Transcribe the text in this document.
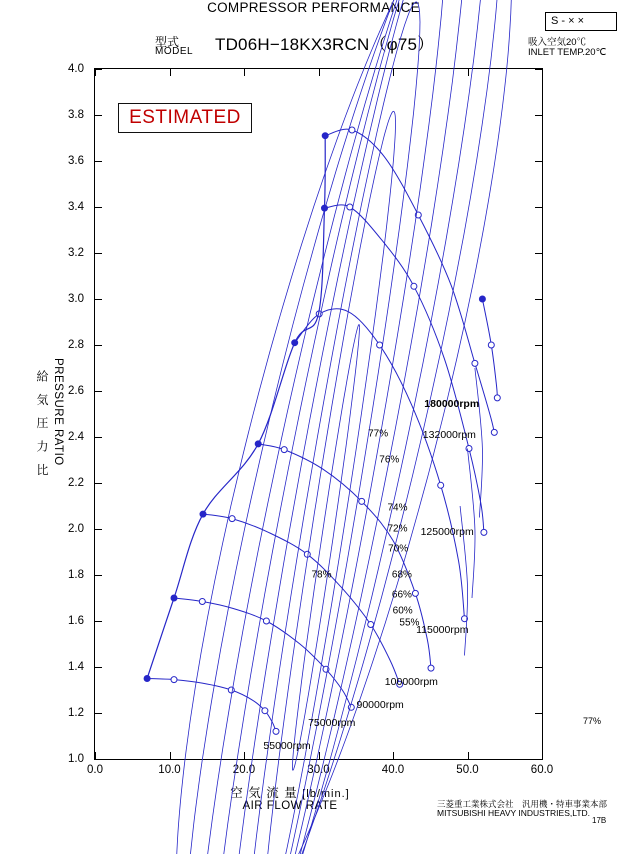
COMPRESSOR PERFORMANCE
型式
MODEL TD06H−18KX3RCN（φ75）
S - × ×
吸入空気20℃
INLET TEMP.20℃
給 気 圧 力 比 PRESSURE RATIO
空 気 流 量 [lb/min.]
AIR FLOW RATE
ESTIMATED
三菱重工業株式会社　汎用機・特車事業本部
MITSUBISHI HEAVY INDUSTRIES,LTD.
17B
77%
1.0
1.2
1.4
1.6
1.8
2.0
2.2
2.4
2.6
2.8
3.0
3.2
3.4
3.6
3.8
4.0
0.0	10.0	20.0	30.0	40.0	50.0	60.0
55000rpm
75000rpm
90000rpm
100000rpm
115000rpm
125000rpm
132000rpm
180000rpm
78%
77%
76%
74%
72%
70%
68%
66%
60%
55%
